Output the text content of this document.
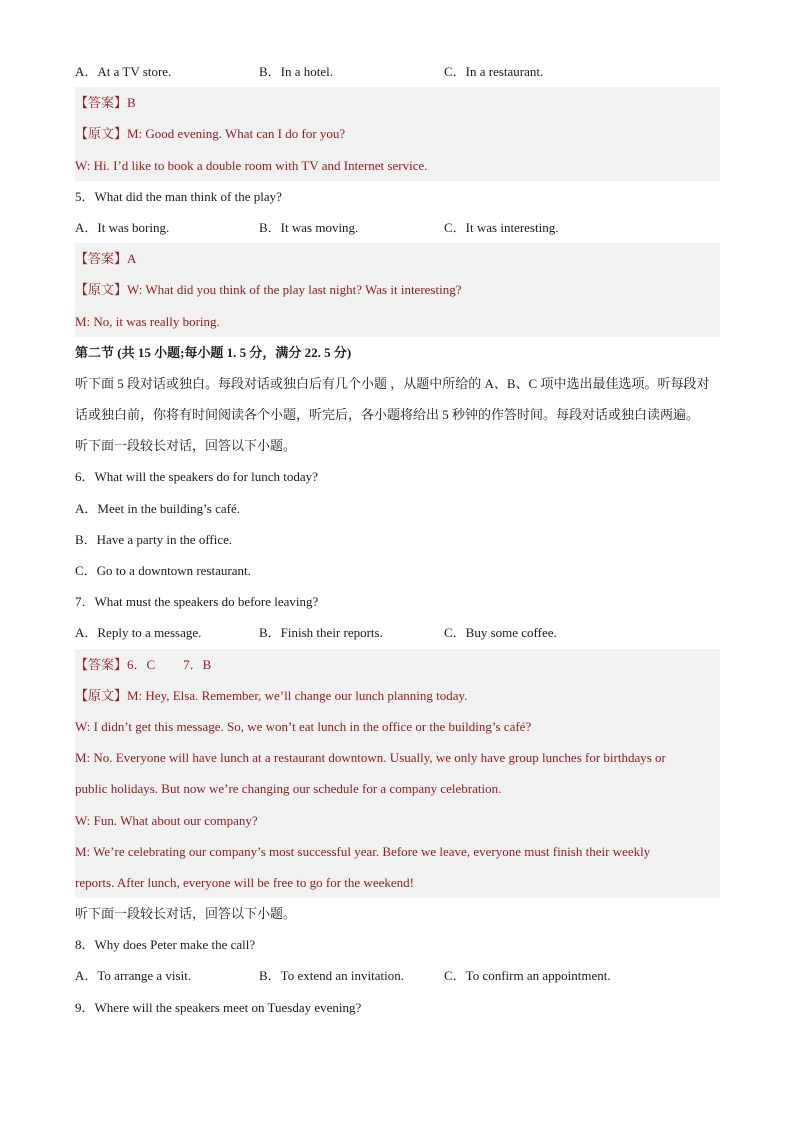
A．At a TV store.	B．In a hotel.	C．In a restaurant.
【答案】B
【原文】M: Good evening. What can I do for you?
W: Hi. I’d like to book a double room with TV and Internet service.
5．What did the man think of the play?
A．It was boring.	B．It was moving.	C．It was interesting.
【答案】A
【原文】W: What did you think of the play last night? Was it interesting?
M: No, it was really boring.
第二节 (共 15 小题;每小题 1. 5 分，满分 22. 5 分)
听下面 5 段对话或独白。每段对话或独白后有几个小题 ，从题中所给的 A、B、C 项中选出最佳选项。听每段对话或独白前，你将有时间阅读各个小题，听完后，各小题将给出 5 秒钟的作答时间。每段对话或独白读两遍。
听下面一段较长对话，回答以下小题。
6．What will the speakers do for lunch today?
A．Meet in the building’s café.
B．Have a party in the office.
C．Go to a downtown restaurant.
7．What must the speakers do before leaving?
A．Reply to a message.	B．Finish their reports.	C．Buy some coffee.
【答案】6．C 7．B
【原文】M: Hey, Elsa. Remember, we’ll change our lunch planning today.
W: I didn’t get this message. So, we won’t eat lunch in the office or the building’s café?
M: No. Everyone will have lunch at a restaurant downtown. Usually, we only have group lunches for birthdays or
public holidays. But now we’re changing our schedule for a company celebration.
W: Fun. What about our company?
M: We’re celebrating our company’s most successful year. Before we leave, everyone must finish their weekly
reports. After lunch, everyone will be free to go for the weekend!
听下面一段较长对话，回答以下小题。
8．Why does Peter make the call?
A．To arrange a visit.	B．To extend an invitation.	C．To confirm an appointment.
9．Where will the speakers meet on Tuesday evening?
